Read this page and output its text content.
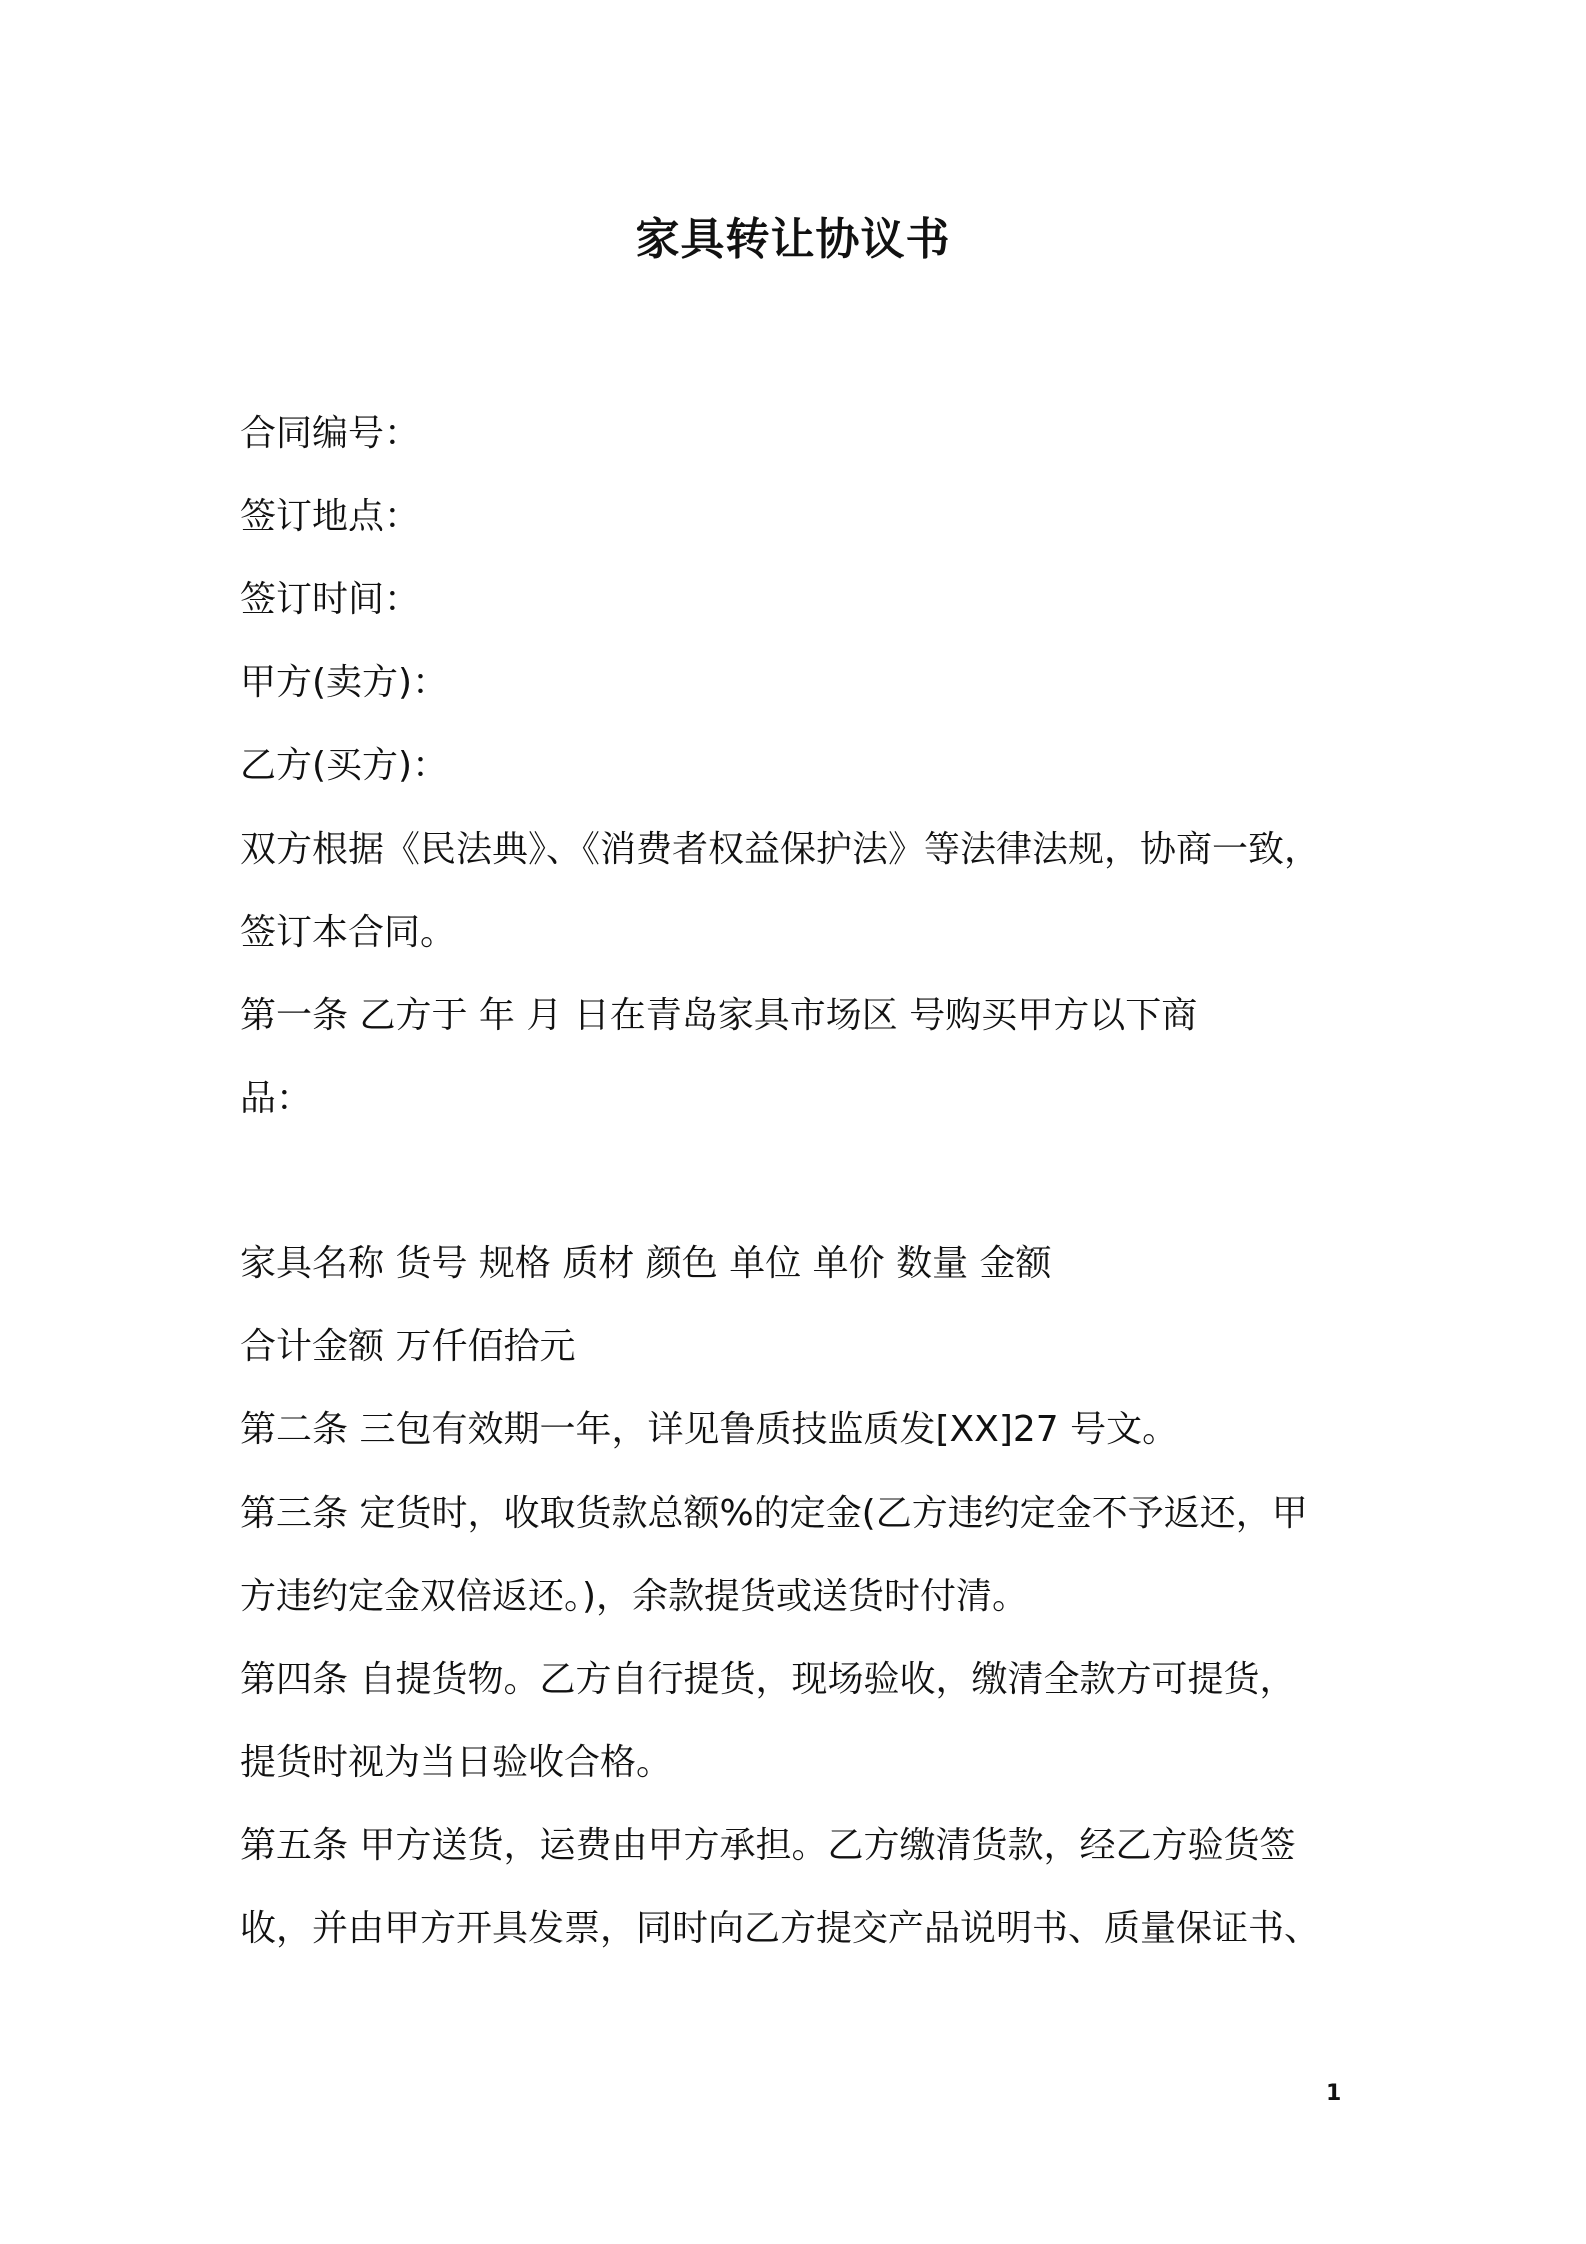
家具转让协议书
合同编号：
签订地点：
签订时间：
甲方(卖方)：
乙方(买方)：
双方根据《民法典》、《消费者权益保护法》等法律法规，协商一致，
签订本合同。
第一条 乙方于 年 月 日在青岛家具市场区 号购买甲方以下商
品：
家具名称 货号 规格 质材 颜色 单位 单价 数量 金额
合计金额 万仟佰拾元
第二条 三包有效期一年，详见鲁质技监质发[XX]27 号文。
第三条 定货时，收取货款总额%的定金(乙方违约定金不予返还，甲
方违约定金双倍返还。)，余款提货或送货时付清。
第四条 自提货物。乙方自行提货，现场验收，缴清全款方可提货，
提货时视为当日验收合格。
第五条 甲方送货，运费由甲方承担。乙方缴清货款，经乙方验货签
收，并由甲方开具发票，同时向乙方提交产品说明书、质量保证书、
1
